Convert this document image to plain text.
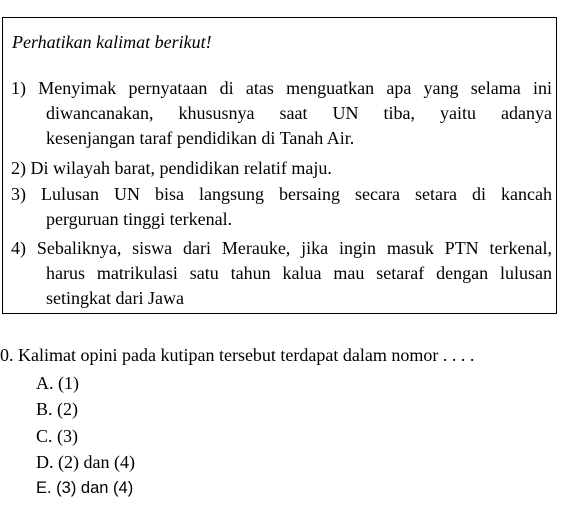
Perhatikan kalimat berikut!
1) Menyimak pernyataan di atas menguatkan apa yang selama ini
diwancanakan, khususnya saat UN tiba, yaitu adanya
kesenjangan taraf pendidikan di Tanah Air.
2) Di wilayah barat, pendidikan relatif maju.
3) Lulusan UN bisa langsung bersaing secara setara di kancah
perguruan tinggi terkenal.
4) Sebaliknya, siswa dari Merauke, jika ingin masuk PTN terkenal,
harus matrikulasi satu tahun kalua mau setaraf dengan lulusan
setingkat dari Jawa
0. Kalimat opini pada kutipan tersebut terdapat dalam nomor . . . .
A. (1)
B. (2)
C. (3)
D. (2) dan (4)
E. (3) dan (4)
